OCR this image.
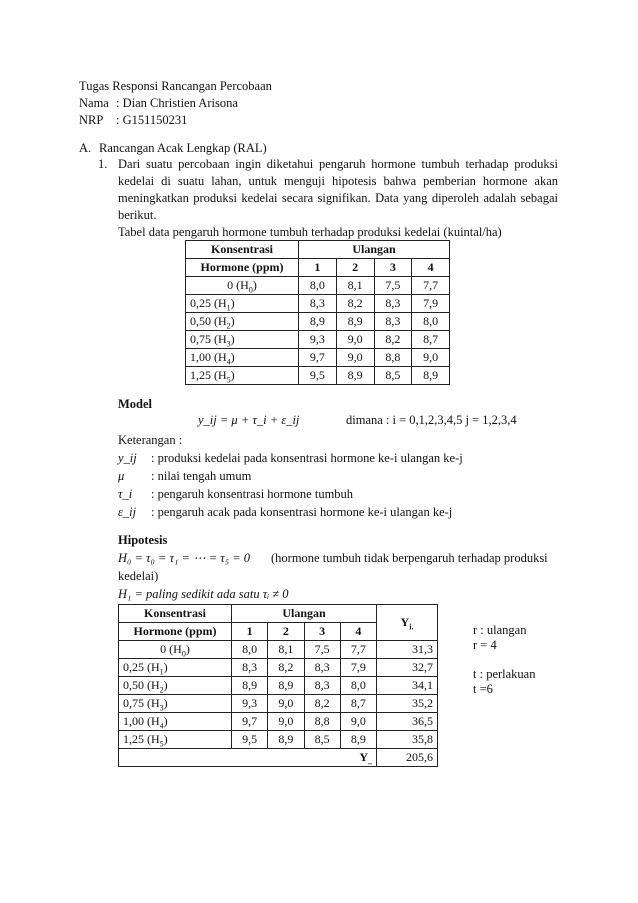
Tugas Responsi Rancangan Percobaan
Nama : Dian Christien Arisona
NRP : G151150231
A. Rancangan Acak Lengkap (RAL)
1. Dari suatu percobaan ingin diketahui pengaruh hormone tumbuh terhadap produksi
kedelai di suatu lahan, untuk menguji hipotesis bahwa pemberian hormone akan
meningkatkan produksi kedelai secara signifikan. Data yang diperoleh adalah sebagai
berikut.
Tabel data pengaruh hormone tumbuh terhadap produksi kedelai (kuintal/ha)
Konsentrasi	Ulangan			
Hormone (ppm)	1	2	3	4
0 $(H_0)$	8,0	8,1	7,5	7,7
0,25 $(H_1)$	8,3	8,2	8,3	7,9
0,50 $(H_2)$	8,9	8,9	8,3	8,0
0,75 $(H_3)$	9,3	9,0	8,2	8,7
1,00 $(H_4)$	9,7	9,0	8,8	9,0
1,25 $(H_5)$	9,5	8,9	8,5	8,9
Model
y_ij = μ + τ_i + ε_ij	dimana : i = 0,1,2,3,4,5 j = 1,2,3,4
Keterangan :
y_ij : produksi kedelai pada konsentrasi hormone ke-i ulangan ke-j
μ : nilai tengah umum
τ_i : pengaruh konsentrasi hormone tumbuh
ε_ij : pengaruh acak pada konsentrasi hormone ke-i ulangan ke-j
Hipotesis
H₀ = τ₀ = τ₁ = ⋯ = τ₅ = 0 (hormone tumbuh tidak berpengaruh terhadap produksi
kedelai)
H₁ = paling sedikit ada satu τᵢ ≠ 0
Konsentrasi	Ulangan				$Y_{i.}$
Hormone (ppm)	1	2	3	4	
0 $(H_0)$	8,0	8,1	7,5	7,7	31,3
0,25 $(H_1)$	8,3	8,2	8,3	7,9	32,7
0,50 $(H_2)$	8,9	8,9	8,3	8,0	34,1
0,75 $(H_3)$	9,3	9,0	8,2	8,7	35,2
1,00 $(H_4)$	9,7	9,0	8,8	9,0	36,5
1,25 $(H_5)$	9,5	8,9	8,5	8,9	35,8
$Y_{..}$					205,6
r : ulangan
r = 4
t : perlakuan
t =6
